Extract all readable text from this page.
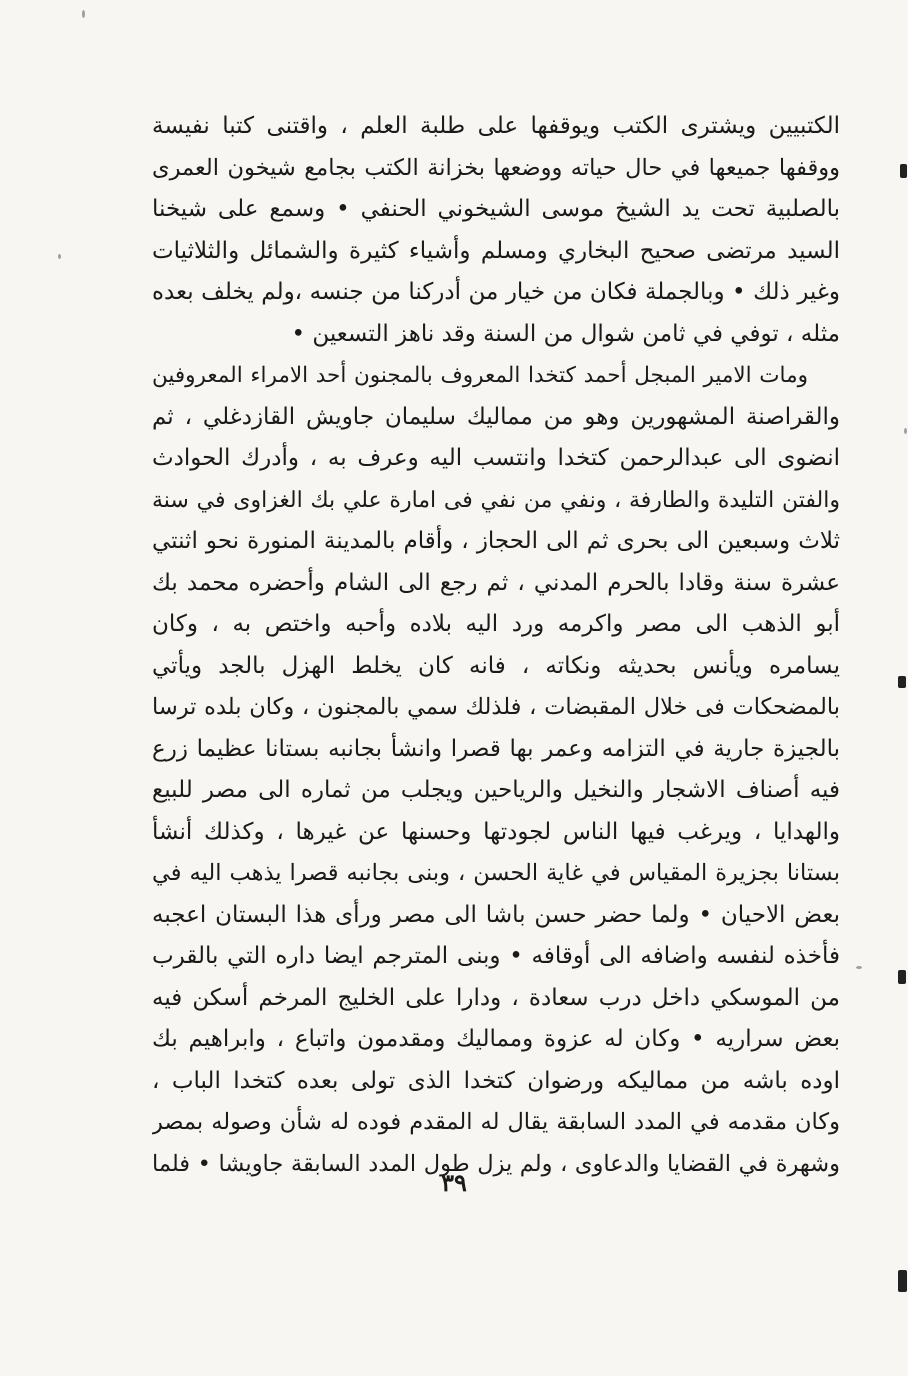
الكتبيين ويشترى الكتب ويوقفها على طلبة العلم ، واقتنى كتبا نفيسة
ووقفها جميعها في حال حياته ووضعها بخزانة الكتب بجامع شيخون العمرى
بالصلبية تحت يد الشيخ موسى الشيخوني الحنفي • وسمع على شيخنا
السيد مرتضى صحيح البخاري ومسلم وأشياء كثيرة والشمائل والثلاثيات
وغير ذلك • وبالجملة فكان من خيار من أدركنا من جنسه ،ولم يخلف بعده
مثله ، توفي في ثامن شوال من السنة وقد ناهز التسعين •
ومات الامير المبجل أحمد كتخدا المعروف بالمجنون أحد الامراء المعروفين
والقراصنة المشهورين وهو من مماليك سليمان جاويش القازدغلي ، ثم
انضوى الى عبدالرحمن كتخدا وانتسب اليه وعرف به ، وأدرك الحوادث
والفتن التليدة والطارفة ، ونفي من نفي فى امارة علي بك الغزاوى في سنة
ثلاث وسبعين الى بحرى ثم الى الحجاز ، وأقام بالمدينة المنورة نحو اثنتي
عشرة سنة وقادا بالحرم المدني ، ثم رجع الى الشام وأحضره محمد بك
أبو الذهب الى مصر واكرمه ورد اليه بلاده وأحبه واختص به ، وكان
يسامره ويأنس بحديثه ونكاته ، فانه كان يخلط الهزل بالجد ويأتي
بالمضحكات فى خلال المقبضات ، فلذلك سمي بالمجنون ، وكان بلده ترسا
بالجيزة جارية في التزامه وعمر بها قصرا وانشأ بجانبه بستانا عظيما زرع
فيه أصناف الاشجار والنخيل والرياحين ويجلب من ثماره الى مصر للبيع
والهدايا ، ويرغب فيها الناس لجودتها وحسنها عن غيرها ، وكذلك أنشأ
بستانا بجزيرة المقياس في غاية الحسن ، وبنى بجانبه قصرا يذهب اليه في
بعض الاحيان • ولما حضر حسن باشا الى مصر ورأى هذا البستان اعجبه
فأخذه لنفسه واضافه الى أوقافه • وبنى المترجم ايضا داره التي بالقرب
من الموسكي داخل درب سعادة ، ودارا على الخليج المرخم أسكن فيه
بعض سراريه • وكان له عزوة ومماليك ومقدمون واتباع ، وابراهيم بك
اوده باشه من مماليكه ورضوان كتخدا الذى تولى بعده كتخدا الباب ،
وكان مقدمه في المدد السابقة يقال له المقدم فوده له شأن وصوله بمصر
وشهرة في القضايا والدعاوى ، ولم يزل طول المدد السابقة جاويشا • فلما
٣٩
